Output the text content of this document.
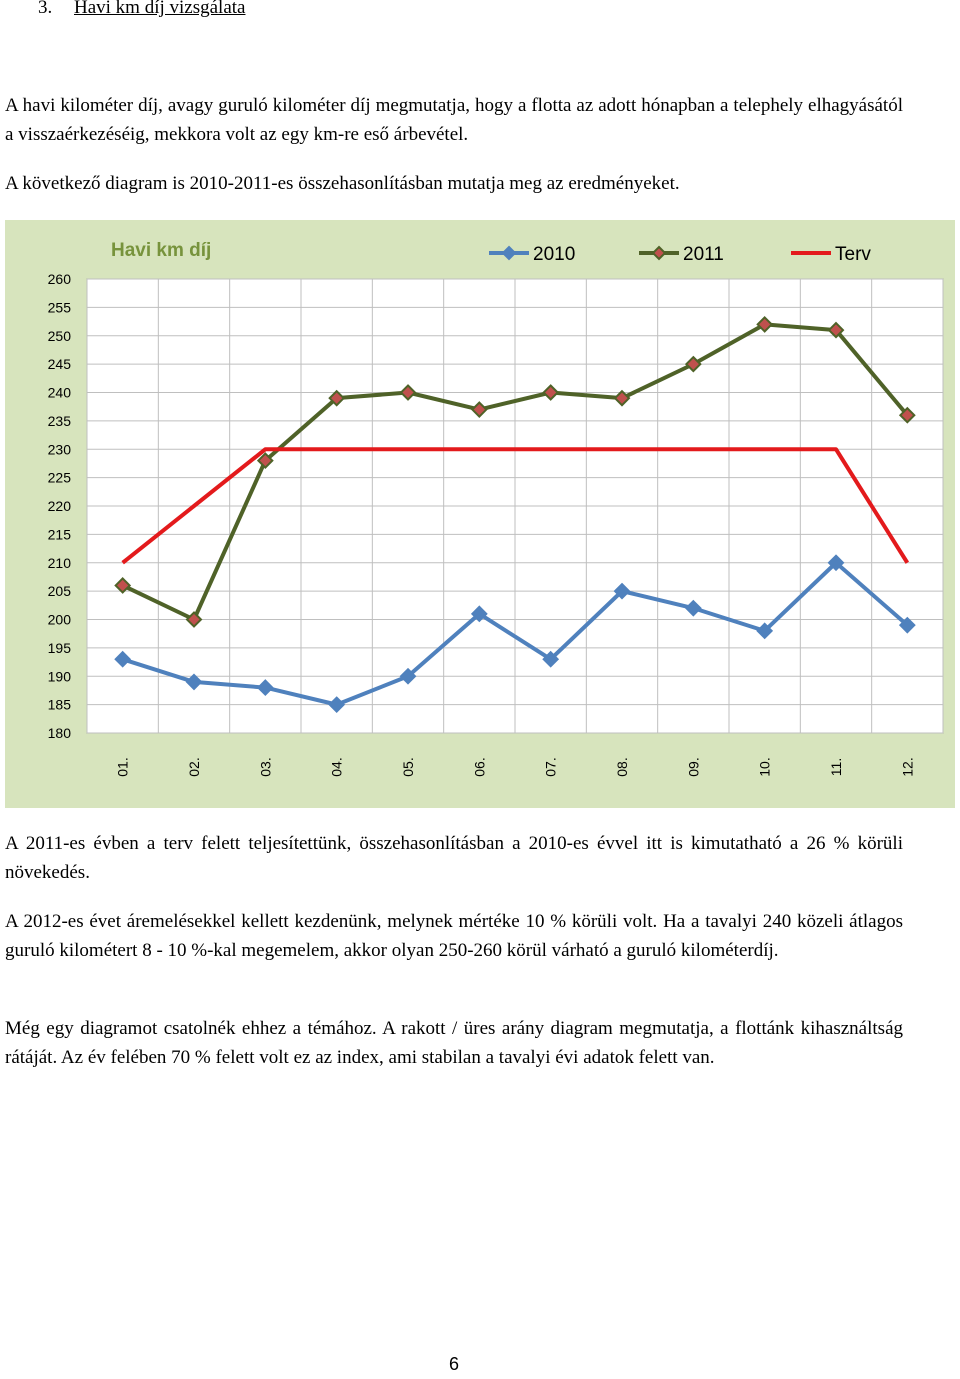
3. Havi km díj vizsgálata

A havi kilométer díj, avagy guruló kilométer díj megmutatja, hogy a flotta az adott hónapban a telephely elhagyásától a visszaérkezéséig, mekkora volt az egy km-re eső árbevétel.

A következő diagram is 2010-2011-es összehasonlításban mutatja meg az eredményeket.

180
185
190
195
200
205
210
215
220
225
230
235
240
245
250
255
260
01.	02.	03.	04.	05.	06.	07.	08.	09.	10.	11.	12.
Havi km díj	2010	2011	Terv

A 2011-es évben a terv felett teljesítettünk, összehasonlításban a 2010-es évvel itt is kimutatható a 26 % körüli növekedés.

A 2012-es évet áremelésekkel kellett kezdenünk, melynek mértéke 10 % körüli volt. Ha a tavalyi 240 közeli átlagos guruló kilométert 8 - 10 %-kal megemelem, akkor olyan 250-260 körül várható a guruló kilométerdíj.

Még egy diagramot csatolnék ehhez a témához. A rakott / üres arány diagram megmutatja, a flottánk kihasználtság rátáját. Az év felében 70 % felett volt ez az index, ami stabilan a tavalyi évi adatok felett van.

6
